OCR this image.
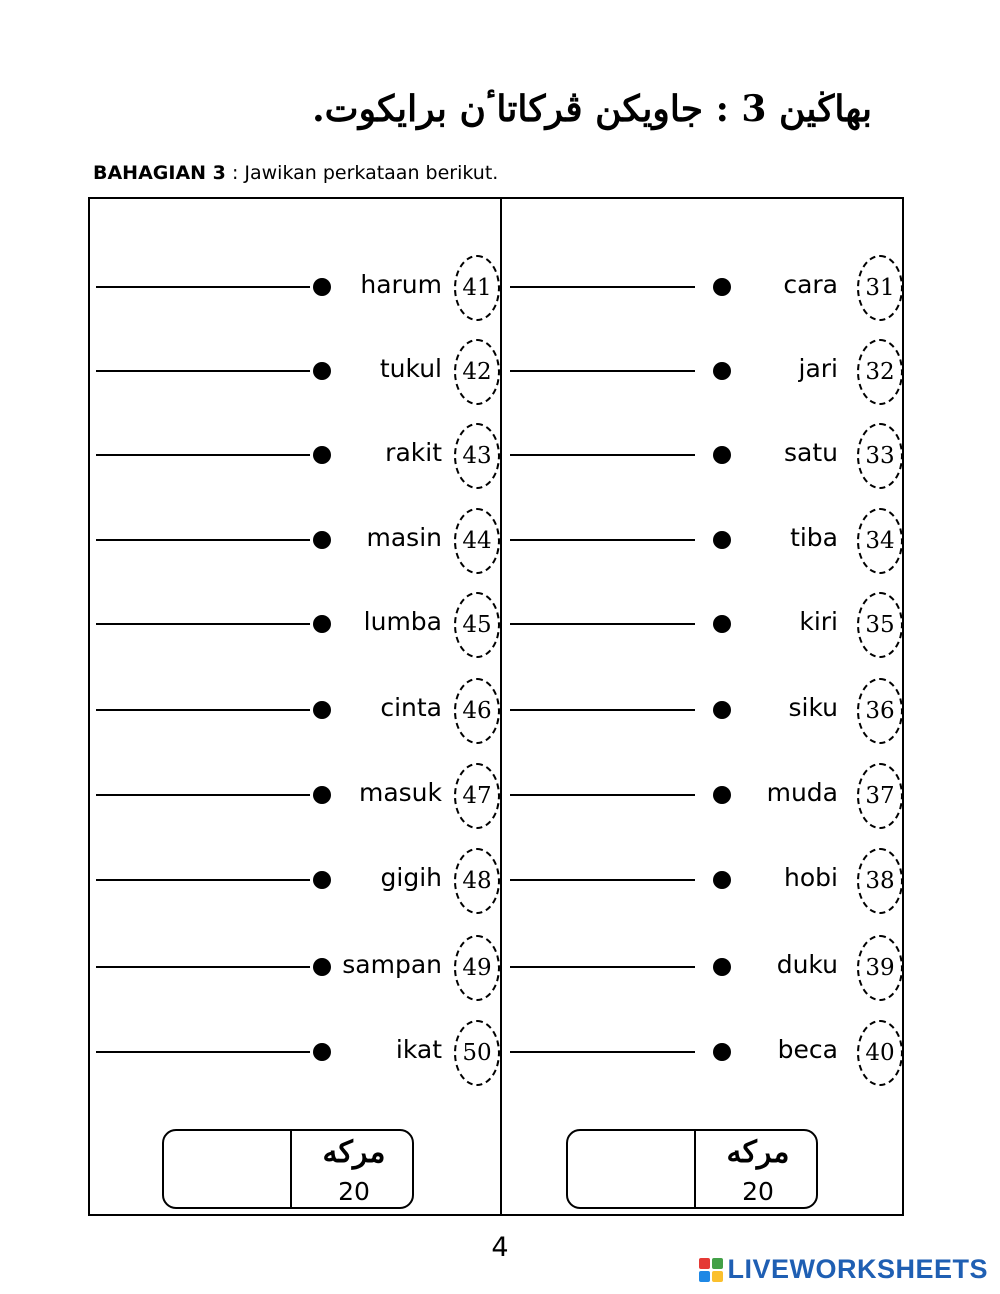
بهاڬين 3 : جاويکن ڤرکاتاٴن برايکوت.
BAHAGIAN 3 : Jawikan perkataan berikut.
harum 41
tukul 42
rakit 43
masin 44
lumba 45
cinta 46
masuk 47
gigih 48
sampan 49
ikat 50
cara	31
jari	32
satu	33
tiba	34
kiri	35
siku	36
muda	37
hobi	38
duku	39
beca	40
مرکه
20
مرکه
20
4
LIVEWORKSHEETS
